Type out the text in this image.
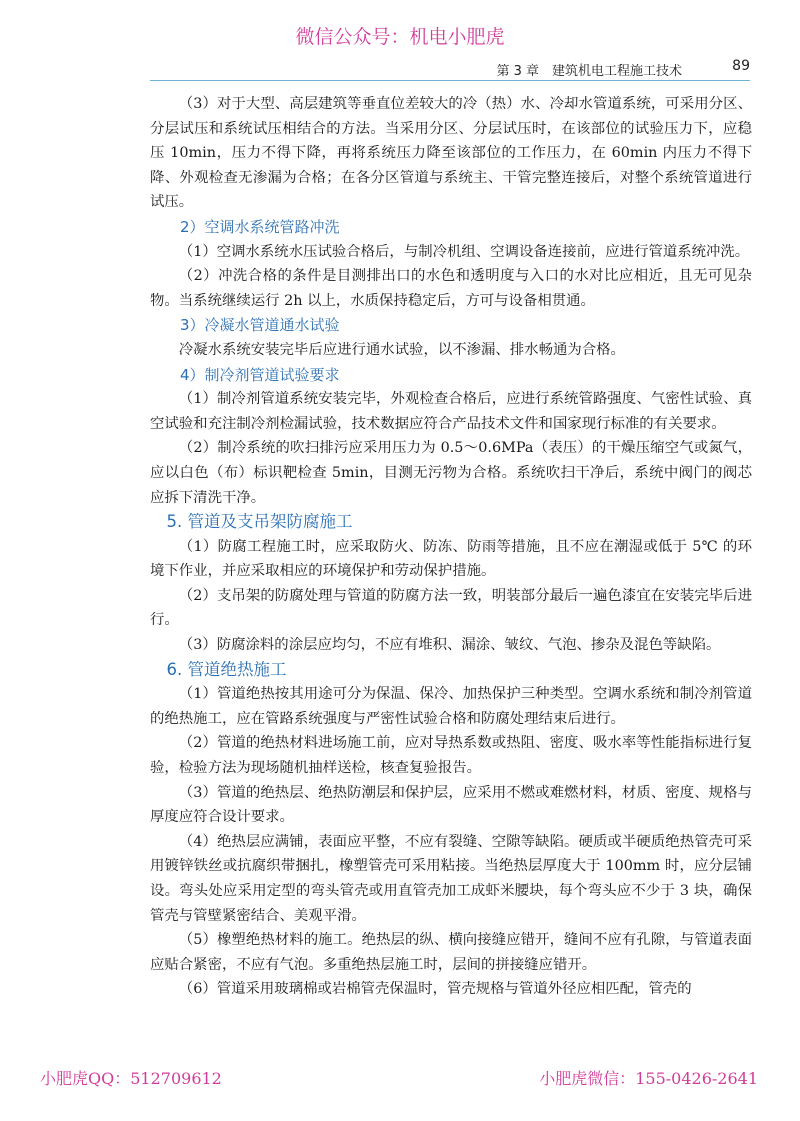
微信公众号：机电小肥虎
第 3 章　建筑机电工程施工技术	89

（3）对于大型、高层建筑等垂直位差较大的冷（热）水、冷却水管道系统，可采用分区、分层试压和系统试压相结合的方法。当采用分区、分层试压时，在该部位的试验压力下，应稳压 10min，压力不得下降，再将系统压力降至该部位的工作压力，在 60min 内压力不得下降、外观检查无渗漏为合格；在各分区管道与系统主、干管完整连接后，对整个系统管道进行试压。

2）空调水系统管路冲洗

（1）空调水系统水压试验合格后，与制冷机组、空调设备连接前，应进行管道系统冲洗。

（2）冲洗合格的条件是目测排出口的水色和透明度与入口的水对比应相近，且无可见杂物。当系统继续运行 2h 以上，水质保持稳定后，方可与设备相贯通。

3）冷凝水管道通水试验

冷凝水系统安装完毕后应进行通水试验，以不渗漏、排水畅通为合格。

4）制冷剂管道试验要求

（1）制冷剂管道系统安装完毕，外观检查合格后，应进行系统管路强度、气密性试验、真空试验和充注制冷剂检漏试验，技术数据应符合产品技术文件和国家现行标准的有关要求。

（2）制冷系统的吹扫排污应采用压力为 0.5～0.6MPa（表压）的干燥压缩空气或氮气，应以白色（布）标识靶检查 5min，目测无污物为合格。系统吹扫干净后，系统中阀门的阀芯应拆下清洗干净。

5. 管道及支吊架防腐施工

（1）防腐工程施工时，应采取防火、防冻、防雨等措施，且不应在潮湿或低于 5℃ 的环境下作业，并应采取相应的环境保护和劳动保护措施。

（2）支吊架的防腐处理与管道的防腐方法一致，明装部分最后一遍色漆宜在安装完毕后进行。

（3）防腐涂料的涂层应均匀，不应有堆积、漏涂、皱纹、气泡、掺杂及混色等缺陷。

6. 管道绝热施工

（1）管道绝热按其用途可分为保温、保冷、加热保护三种类型。空调水系统和制冷剂管道的绝热施工，应在管路系统强度与严密性试验合格和防腐处理结束后进行。

（2）管道的绝热材料进场施工前，应对导热系数或热阻、密度、吸水率等性能指标进行复验，检验方法为现场随机抽样送检，核查复验报告。

（3）管道的绝热层、绝热防潮层和保护层，应采用不燃或难燃材料，材质、密度、规格与厚度应符合设计要求。

（4）绝热层应满铺，表面应平整，不应有裂缝、空隙等缺陷。硬质或半硬质绝热管壳可采用镀锌铁丝或抗腐织带捆扎，橡塑管壳可采用粘接。当绝热层厚度大于 100mm 时，应分层铺设。弯头处应采用定型的弯头管壳或用直管壳加工成虾米腰块，每个弯头应不少于 3 块，确保管壳与管壁紧密结合、美观平滑。

（5）橡塑绝热材料的施工。绝热层的纵、横向接缝应错开，缝间不应有孔隙，与管道表面应贴合紧密，不应有气泡。多重绝热层施工时，层间的拼接缝应错开。

（6）管道采用玻璃棉或岩棉管壳保温时，管壳规格与管道外径应相匹配，管壳的

小肥虎QQ：512709612	小肥虎微信：155-0426-2641
